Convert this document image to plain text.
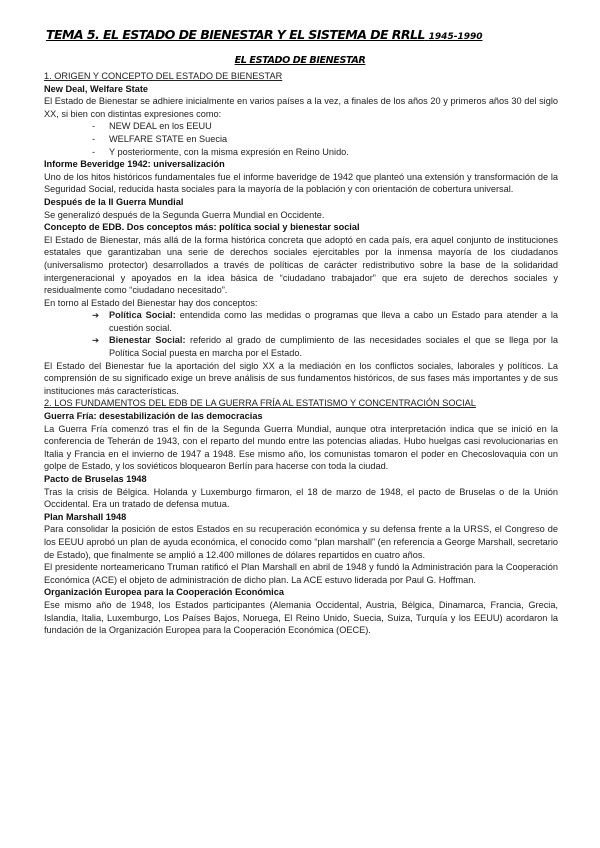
TEMA 5. EL ESTADO DE BIENESTAR Y EL SISTEMA DE RRLL 1945-1990
EL ESTADO DE BIENESTAR

1. ORIGEN Y CONCEPTO DEL ESTADO DE BIENESTAR

New Deal, Welfare State

El Estado de Bienestar se adhiere inicialmente en varios países a la vez, a finales de los años 20 y primeros años 30 del siglo XX, si bien con distintas expresiones como:

- NEW DEAL en los EEUU
- WELFARE STATE en Suecia
- Y posteriormente, con la misma expresión en Reino Unido.

Informe Beveridge 1942: universalización

Uno de los hitos históricos fundamentales fue el informe baveridge de 1942 que planteó una extensión y transformación de la Seguridad Social, reducida hasta sociales para la mayoría de la población y con orientación de cobertura universal.

Después de la II Guerra Mundial

Se generalizó después de la Segunda Guerra Mundial en Occidente.

Concepto de EDB. Dos conceptos más: política social y bienestar social

El Estado de Bienestar, más allá de la forma histórica concreta que adoptó en cada país, era aquel conjunto de instituciones estatales que garantizaban una serie de derechos sociales ejercitables por la inmensa mayoría de los ciudadanos (universalismo protector) desarrollados a través de políticas de carácter redistributivo sobre la base de la solidaridad intergeneracional y apoyados en la idea básica de “ciudadano trabajador” que era sujeto de derechos sociales y residualmente como “ciudadano necesitado”.

En torno al Estado del Bienestar hay dos conceptos:

➔ Política Social: entendida como las medidas o programas que lleva a cabo un Estado para atender a la cuestión social.
➔ Bienestar Social: referido al grado de cumplimiento de las necesidades sociales el que se llega por la Política Social puesta en marcha por el Estado.

El Estado del Bienestar fue la aportación del siglo XX a la mediación en los conflictos sociales, laborales y políticos. La comprensión de su significado exige un breve análisis de sus fundamentos históricos, de sus fases más importantes y de sus instituciones más características.

2. LOS FUNDAMENTOS DEL EDB DE LA GUERRA FRÍA AL ESTATISMO Y CONCENTRACIÓN SOCIAL

Guerra Fría: desestabilización de las democracias

La Guerra Fría comenzó tras el fin de la Segunda Guerra Mundial, aunque otra interpretación indica que se inició en la conferencia de Teherán de 1943, con el reparto del mundo entre las potencias aliadas. Hubo huelgas casi revolucionarias en Italia y Francia en el invierno de 1947 a 1948. Ese mismo año, los comunistas tomaron el poder en Checoslovaquia con un golpe de Estado, y los soviéticos bloquearon Berlín para hacerse con toda la ciudad.

Pacto de Bruselas 1948

Tras la crisis de Bélgica. Holanda y Luxemburgo firmaron, el 18 de marzo de 1948, el pacto de Bruselas o de la Unión Occidental. Era un tratado de defensa mutua.

Plan Marshall 1948

Para consolidar la posición de estos Estados en su recuperación económica y su defensa frente a la URSS, el Congreso de los EEUU aprobó un plan de ayuda económica, el conocido como “plan marshall” (en referencia a George Marshall, secretario de Estado), que finalmente se amplió a 12.400 millones de dólares repartidos en cuatro años.

El presidente norteamericano Truman ratificó el Plan Marshall en abril de 1948 y fundó la Administración para la Cooperación Económica (ACE) el objeto de administración de dicho plan. La ACE estuvo liderada por Paul G. Hoffman.

Organización Europea para la Cooperación Económica

Ese mismo año de 1948, los Estados participantes (Alemania Occidental, Austria, Bélgica, Dinamarca, Francia, Grecia, Islandia, Italia, Luxemburgo, Los Países Bajos, Noruega, El Reino Unido, Suecia, Suiza, Turquía y los EEUU) acordaron la fundación de la Organización Europea para la Cooperación Económica (OECE).
